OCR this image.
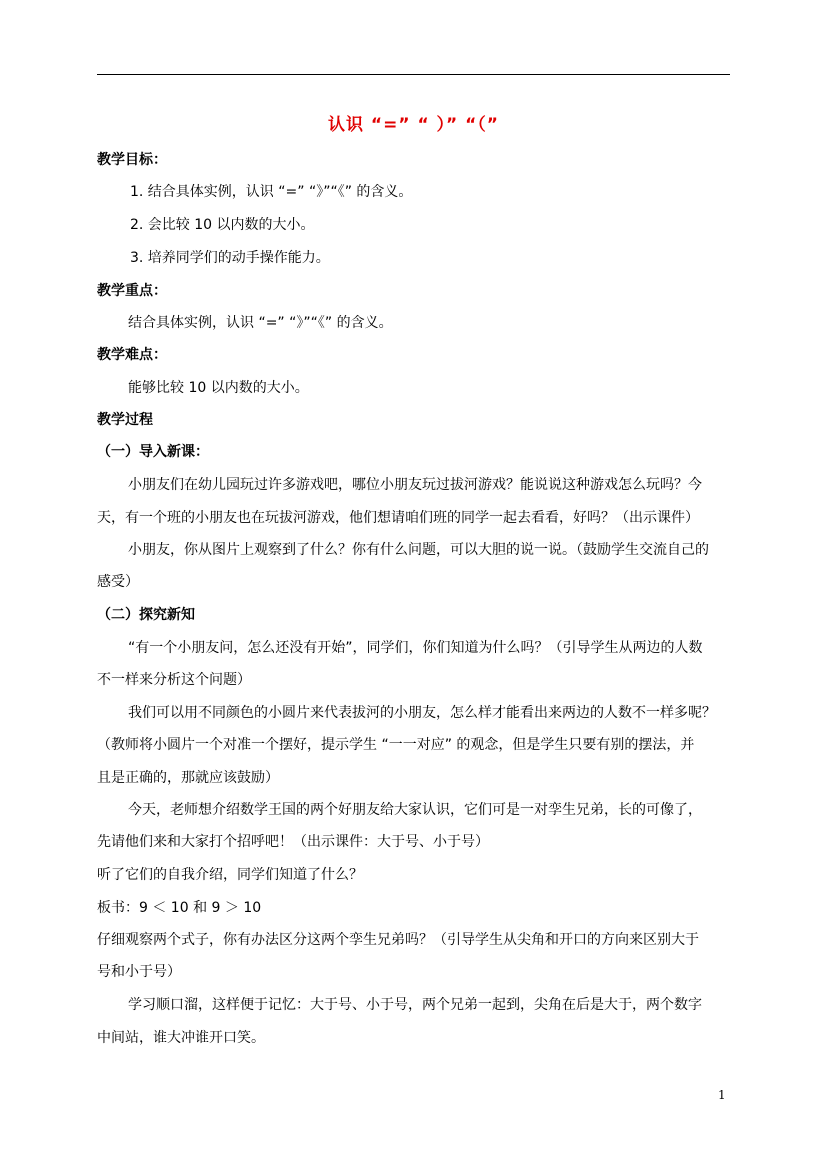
认识 “=” “ ）” “（”
教学目标：
1. 结合具体实例，认识 “=” “》”“《” 的含义。
2. 会比较 10 以内数的大小。
3. 培养同学们的动手操作能力。
教学重点：
结合具体实例，认识 “=” “》”“《” 的含义。
教学难点：
能够比较 10 以内数的大小。
教学过程
（一）导入新课：
小朋友们在幼儿园玩过许多游戏吧，哪位小朋友玩过拔河游戏？能说说这种游戏怎么玩吗？今
天，有一个班的小朋友也在玩拔河游戏，他们想请咱们班的同学一起去看看，好吗？（出示课件）
小朋友，你从图片上观察到了什么？你有什么问题，可以大胆的说一说。（鼓励学生交流自己的
感受）
（二）探究新知
“有一个小朋友问，怎么还没有开始”，同学们，你们知道为什么吗？（引导学生从两边的人数
不一样来分析这个问题）
我们可以用不同颜色的小圆片来代表拔河的小朋友，怎么样才能看出来两边的人数不一样多呢？
（教师将小圆片一个对准一个摆好，提示学生 “一一对应” 的观念，但是学生只要有别的摆法，并
且是正确的，那就应该鼓励）
今天，老师想介绍数学王国的两个好朋友给大家认识，它们可是一对孪生兄弟，长的可像了，
先请他们来和大家打个招呼吧！（出示课件：大于号、小于号）
听了它们的自我介绍，同学们知道了什么？
板书：9 ＜ 10 和 9 ＞ 10
仔细观察两个式子，你有办法区分这两个孪生兄弟吗？（引导学生从尖角和开口的方向来区别大于
号和小于号）
学习顺口溜，这样便于记忆：大于号、小于号，两个兄弟一起到，尖角在后是大于，两个数字
中间站，谁大冲谁开口笑。
1
